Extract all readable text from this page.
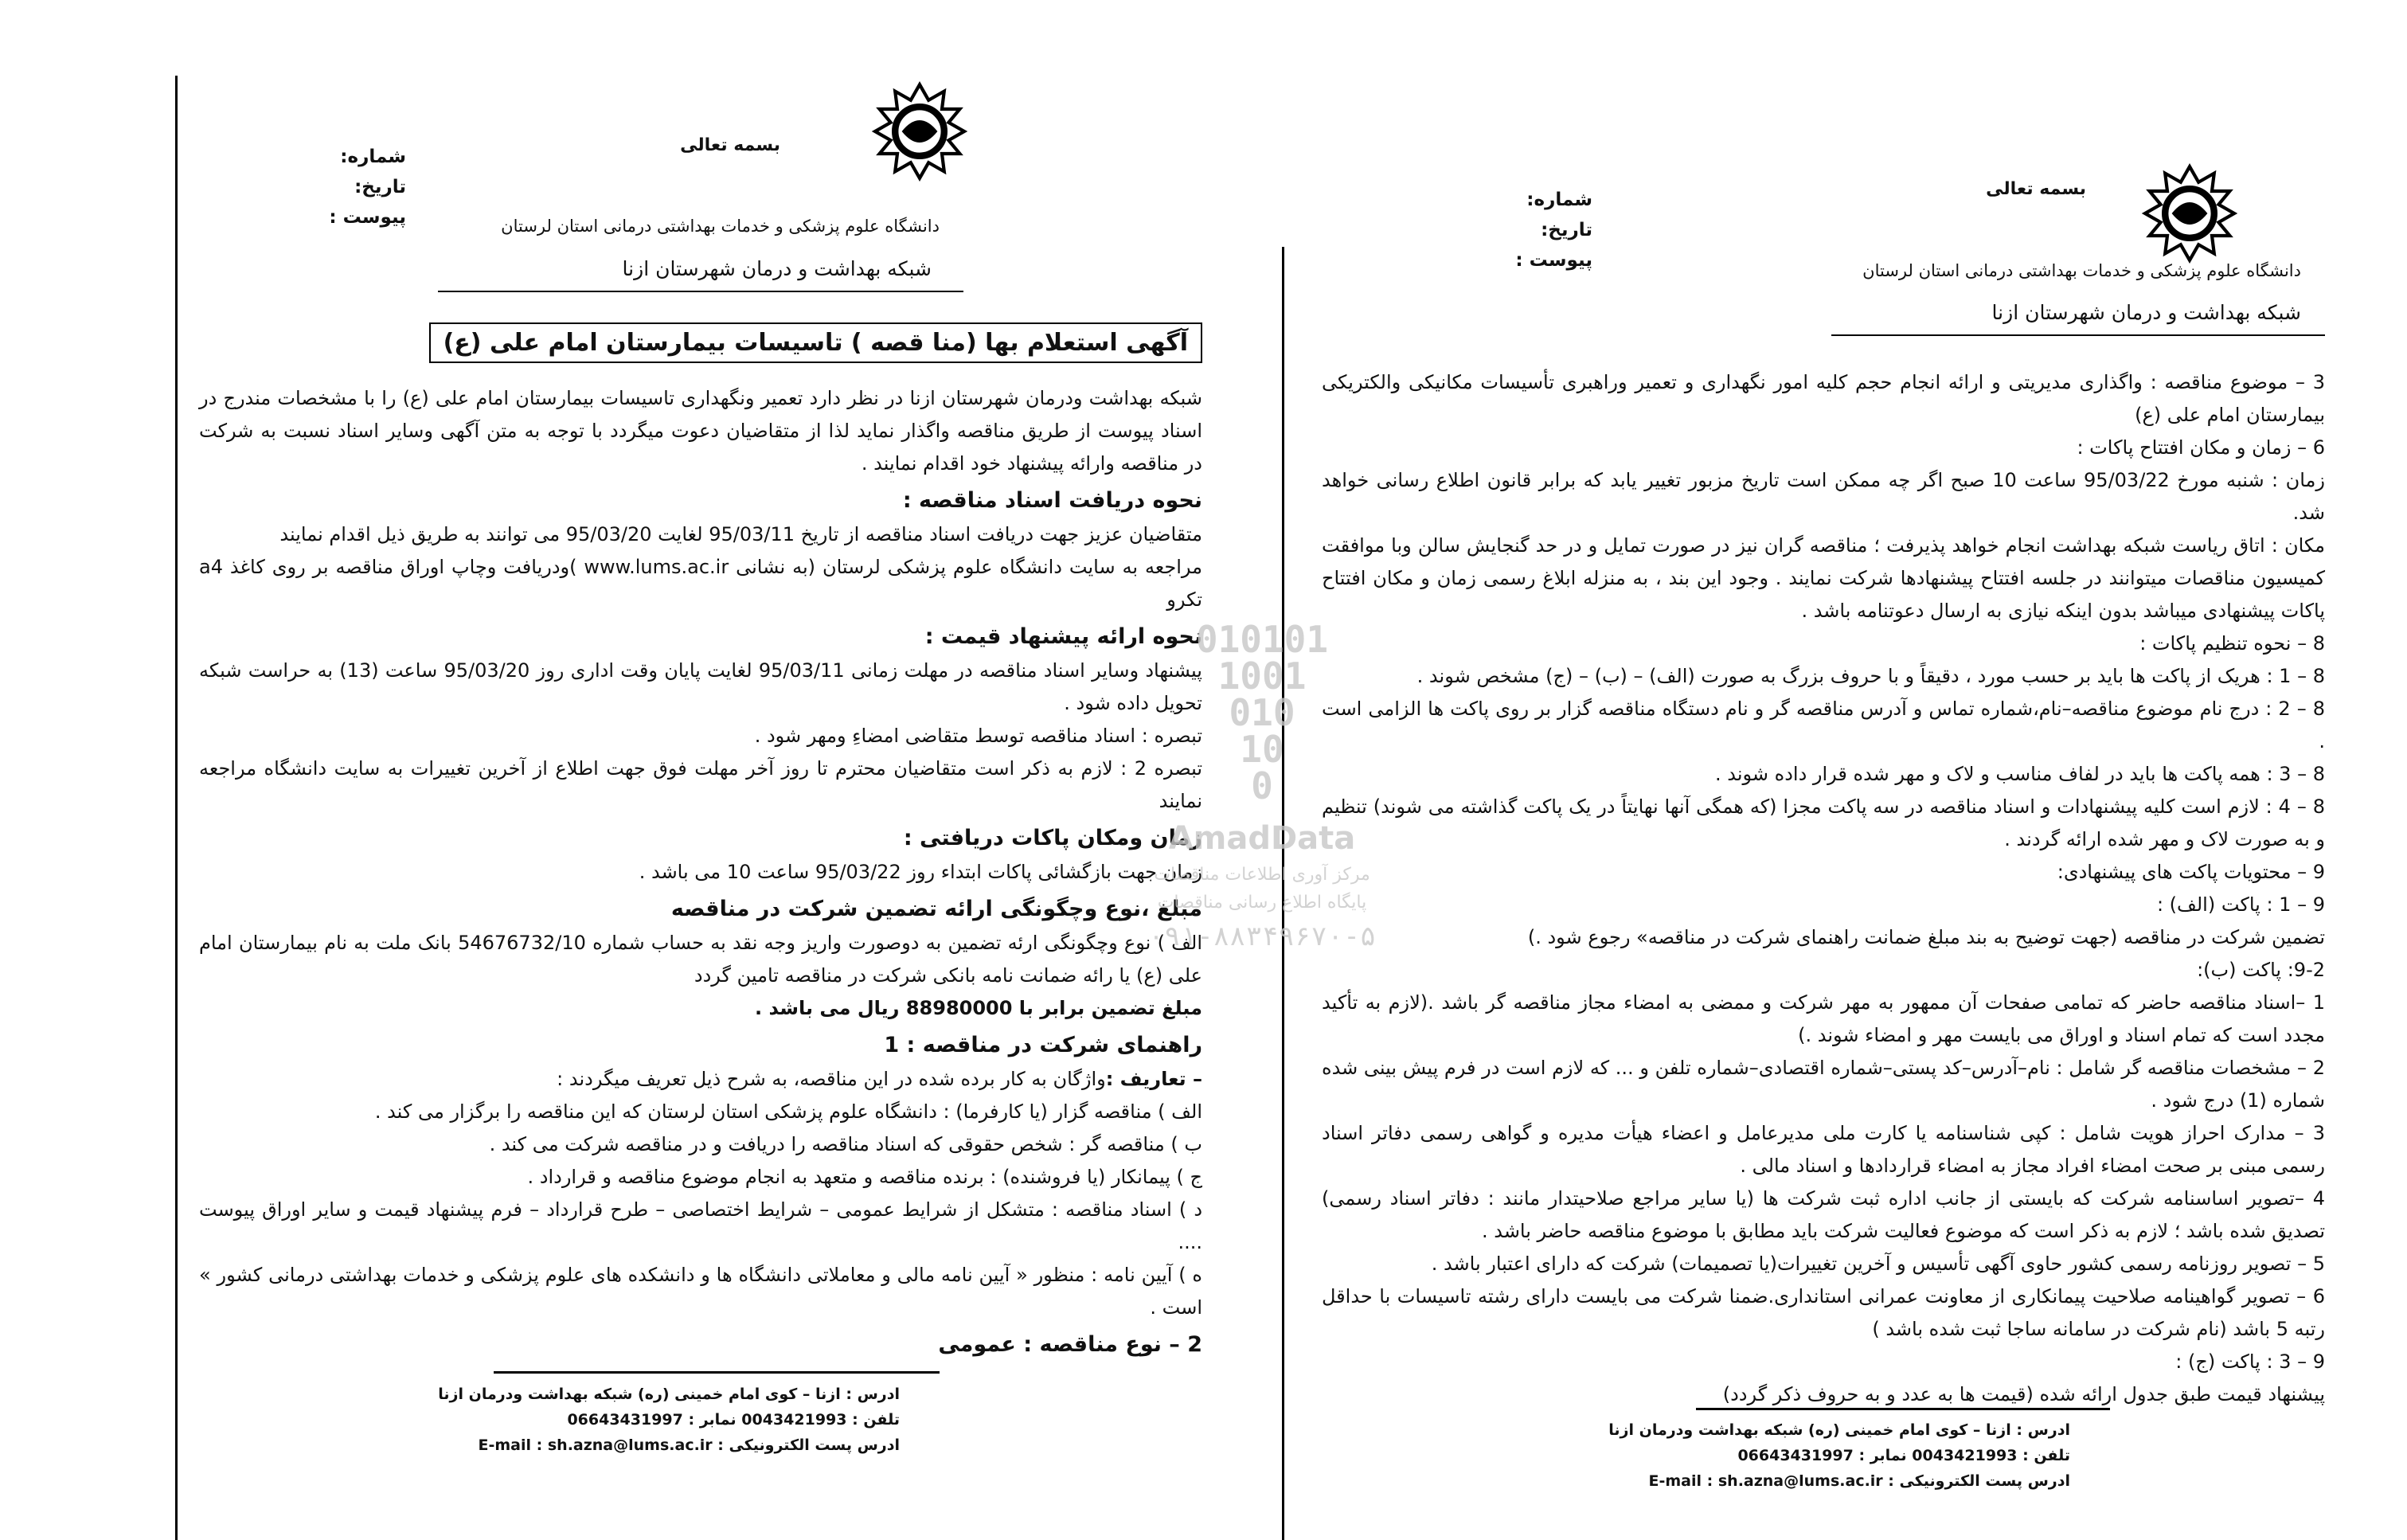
بسمه تعالی
دانشگاه علوم پزشکی و خدمات بهداشتی درمانی استان لرستان
شبکه بهداشت و درمان شهرستان ازنا
شماره:
تاریخ:
پیوست :
آگهی استعلام بها (منا قصه ) تاسیسات بیمارستان امام علی (ع)

شبکه بهداشت ودرمان شهرستان ازنا در نظر دارد تعمیر ونگهداری تاسیسات بیمارستان امام علی (ع) را با مشخصات مندرج در اسناد پیوست از طریق مناقصه واگذار نماید لذا از متقاضیان دعوت میگردد با توجه به متن آگهی وسایر اسناد نسبت به شرکت در مناقصه وارائه پیشنهاد خود اقدام نمایند .

نحوه دریافت اسناد مناقصه :

متقاضیان عزیز جهت دریافت اسناد مناقصه از تاریخ 95/03/11 لغایت 95/03/20 می توانند به طریق ذیل اقدام نمایند

مراجعه به سایت دانشگاه علوم پزشکی لرستان (به نشانی www.lums.ac.ir )ودریافت وچاپ اوراق مناقصه بر روی کاغذ a4 تکرو

نحوه ارائه پیشنهاد قیمت :

پیشنهاد وسایر اسناد مناقصه در مهلت زمانی 95/03/11 لغایت پایان وقت اداری روز 95/03/20 ساعت (13) به حراست شبکه تحویل داده شود .

تبصره : اسناد مناقصه توسط متقاضی امضاءِ ومهر شود .

تبصره 2 : لازم به ذکر است متقاضیان محترم تا روز آخر مهلت فوق جهت اطلاع از آخرین تغییرات به سایت دانشگاه مراجعه نمایند

زمان ومکان پاکات دریافتی :

زمان جهت بازگشائی پاکات ابتداء روز 95/03/22 ساعت 10 می باشد .

مبلغ ،نوع وچگونگی ارائه تضمین شرکت در مناقصه

الف ) نوع وچگونگی ارئه تضمین به دوصورت واریز وجه نقد به حساب شماره 54676732/10 بانک ملت به نام بیمارستان امام علی (ع) یا رائه ضمانت نامه بانکی شرکت در مناقصه تامین گردد

مبلغ تضمین برابر با 88980000 ریال می باشد .

راهنمای شرکت در مناقصه : 1

– تعاریف :واژگان به کار برده شده در این مناقصه، به شرح ذیل تعریف میگردند :

الف ) مناقصه گزار (یا کارفرما) : دانشگاه علوم پزشکی استان لرستان که این مناقصه را برگزار می کند .

ب ) مناقصه گر : شخص حقوقی که اسناد مناقصه را دریافت و در مناقصه شرکت می کند .

ج ) پیمانکار (یا فروشنده) : برنده مناقصه و متعهد به انجام موضوع مناقصه و قرارداد .

د ) اسناد مناقصه : متشکل از شرایط عمومی – شرایط اختصاصی – طرح قرارداد – فرم پیشنهاد قیمت و سایر اوراق پیوست ....

ه ) آیین نامه : منظور « آیین نامه مالی و معاملاتی دانشگاه ها و دانشکده های علوم پزشکی و خدمات بهداشتی درمانی کشور » است .

2 – نوع مناقصه : عمومی
ادرس : ازنا – کوی امام خمینی (ره) شبکه بهداشت ودرمان ازنا
تلفن : 0043421993 نمابر : 06643431997
ادرس پست الکترونیکی : E-mail : sh.azna@lums.ac.ir
بسمه تعالی
دانشگاه علوم پزشکی و خدمات بهداشتی درمانی استان لرستان
شبکه بهداشت و درمان شهرستان ازنا
شماره:
تاریخ:
پیوست :

3 – موضوع مناقصه : واگذاری مدیریتی و ارائه انجام حجم کلیه امور نگهداری و تعمیر وراهبری تأسیسات مکانیکی والکتریکی بیمارستان امام علی (ع)

6 – زمان و مکان افتتاح پاکات :

زمان : شنبه مورخ 95/03/22 ساعت 10 صبح اگر چه ممکن است تاریخ مزبور تغییر یابد که برابر قانون اطلاع رسانی خواهد شد.

مکان : اتاق ریاست شبکه بهداشت انجام خواهد پذیرفت ؛ مناقصه گران نیز در صورت تمایل و در حد گنجایش سالن وبا موافقت کمیسیون مناقصات میتوانند در جلسه افتتاح پیشنهادها شرکت نمایند . وجود این بند ، به منزله ابلاغ رسمی زمان و مکان افتتاح پاکات پیشنهادی میباشد بدون اینکه نیازی به ارسال دعوتنامه باشد .

8 – نحوه تنظیم پاکات :

8 – 1 : هریک از پاکت ها باید بر حسب مورد ، دقیقاً و با حروف بزرگ به صورت (الف) – (ب) – (ج) مشخص شوند .

8 – 2 : درج نام موضوع مناقصه–نام،شماره تماس و آدرس مناقصه گر و نام دستگاه مناقصه گزار بر روی پاکت ها الزامی است .

8 – 3 : همه پاکت ها باید در لفاف مناسب و لاک و مهر شده قرار داده شوند .

8 – 4 : لازم است کلیه پیشنهادات و اسناد مناقصه در سه پاکت مجزا (که همگی آنها نهایتاً در یک پاکت گذاشته می شوند) تنظیم و به صورت لاک و مهر شده ارائه گردند .

9 – محتویات پاکت های پیشنهادی:

9 – 1 : پاکت (الف) :

تضمین شرکت در مناقصه (جهت توضیح به بند مبلغ ضمانت راهنمای شرکت در مناقصه» رجوع شود .)

9-2: پاکت (ب):

1 –اسناد مناقصه حاضر که تمامی صفحات آن ممهور به مهر شرکت و ممضی به امضاء مجاز مناقصه گر باشد .(لازم به تأکید مجدد است که تمام اسناد و اوراق می بایست مهر و امضاء شوند .)

2 – مشخصات مناقصه گر شامل : نام–آدرس–کد پستی–شماره اقتصادی–شماره تلفن و ... که لازم است در فرم پیش بینی شده شماره (1) درج شود .

3 – مدارک احراز هویت شامل : کپی شناسنامه یا کارت ملی مدیرعامل و اعضاء هیأت مدیره و گواهی رسمی دفاتر اسناد رسمی مبنی بر صحت امضاء افراد مجاز به امضاء قراردادها و اسناد مالی .

4 –تصویر اساسنامه شرکت که بایستی از جانب اداره ثبت شرکت ها (یا سایر مراجع صلاحیتدار مانند : دفاتر اسناد رسمی) تصدیق شده باشد ؛ لازم به ذکر است که موضوع فعالیت شرکت باید مطابق با موضوع مناقصه حاضر باشد .

5 – تصویر روزنامه رسمی کشور حاوی آگهی تأسیس و آخرین تغییرات(یا تصمیمات) شرکت که دارای اعتبار باشد .

6 – تصویر گواهینامه صلاحیت پیمانکاری از معاونت عمرانی استانداری.ضمنا شرکت می بایست دارای رشته تاسیسات با حداقل رتبه 5 باشد (نام شرکت در سامانه ساجا ثبت شده باشد )

9 – 3 : پاکت (ج) :

پیشنهاد قیمت طبق جدول ارائه شده (قیمت ها به عدد و به حروف ذکر گردد)

ادرس : ازنا – کوی امام خمینی (ره) شبکه بهداشت ودرمان ازنا
تلفن : 0043421993 نمابر : 06643431997
ادرس پست الکترونیکی : E-mail : sh.azna@lums.ac.ir
010101
1001
010
10
0
AmadData
مرکز آوری اطلاعات مناقصات
پایگاه اطلاع رسانی مناقصات
۰۹۱-۸۸۳۴۹۶۷۰-۵
